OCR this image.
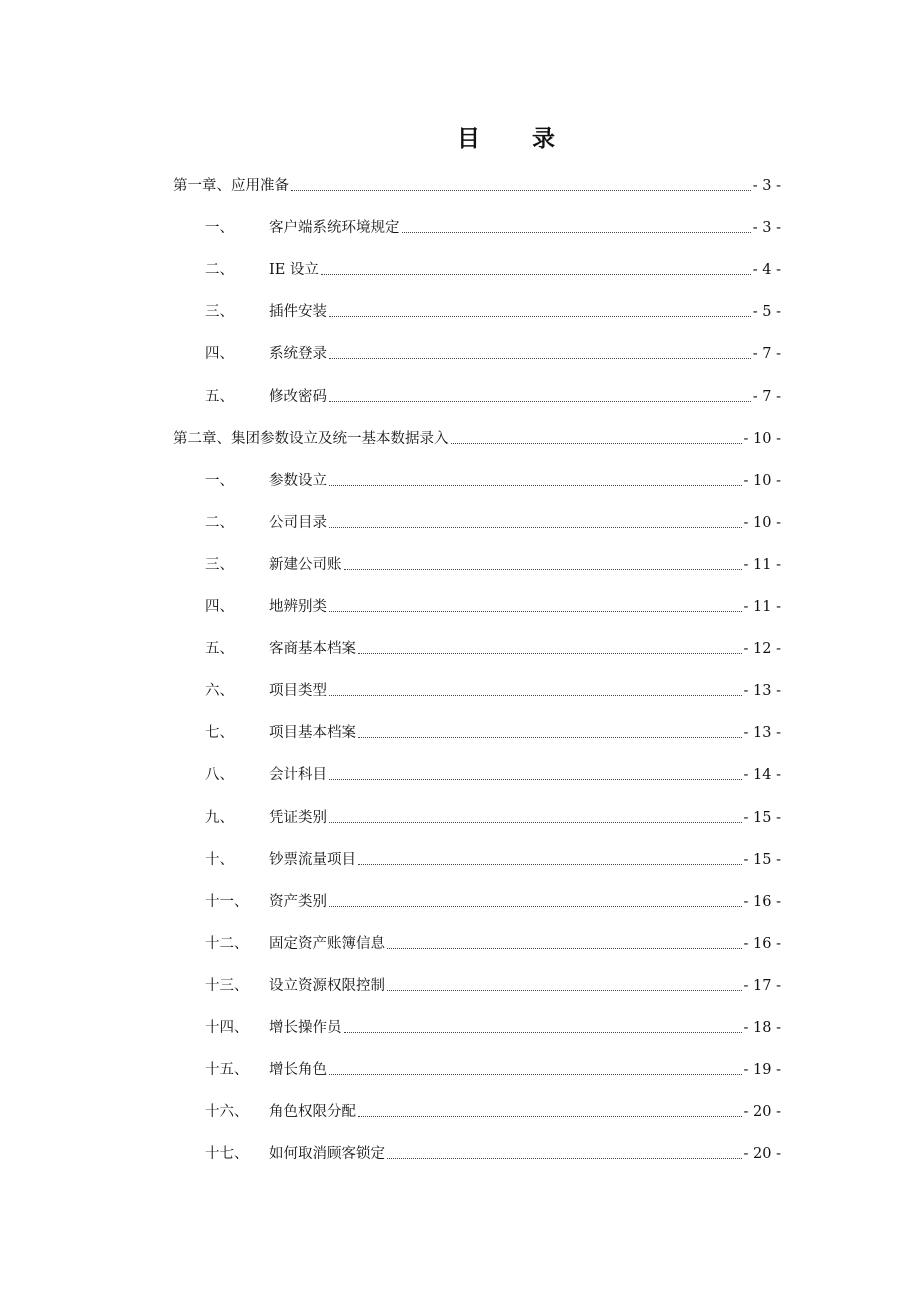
目 录
第一章、应用准备	- 3 -
一、	客户端系统环境规定	- 3 -
二、	IE 设立	- 4 -
三、	插件安装	- 5 -
四、	系统登录	- 7 -
五、	修改密码	- 7 -
第二章、集团参数设立及统一基本数据录入	- 10 -
一、	参数设立	- 10 -
二、	公司目录	- 10 -
三、	新建公司账	- 11 -
四、	地辨别类	- 11 -
五、	客商基本档案	- 12 -
六、	项目类型	- 13 -
七、	项目基本档案	- 13 -
八、	会计科目	- 14 -
九、	凭证类别	- 15 -
十、	钞票流量项目	- 15 -
十一、	资产类别	- 16 -
十二、	固定资产账簿信息	- 16 -
十三、	设立资源权限控制	- 17 -
十四、	增长操作员	- 18 -
十五、	增长角色	- 19 -
十六、	角色权限分配	- 20 -
十七、	如何取消顾客锁定	- 20 -
